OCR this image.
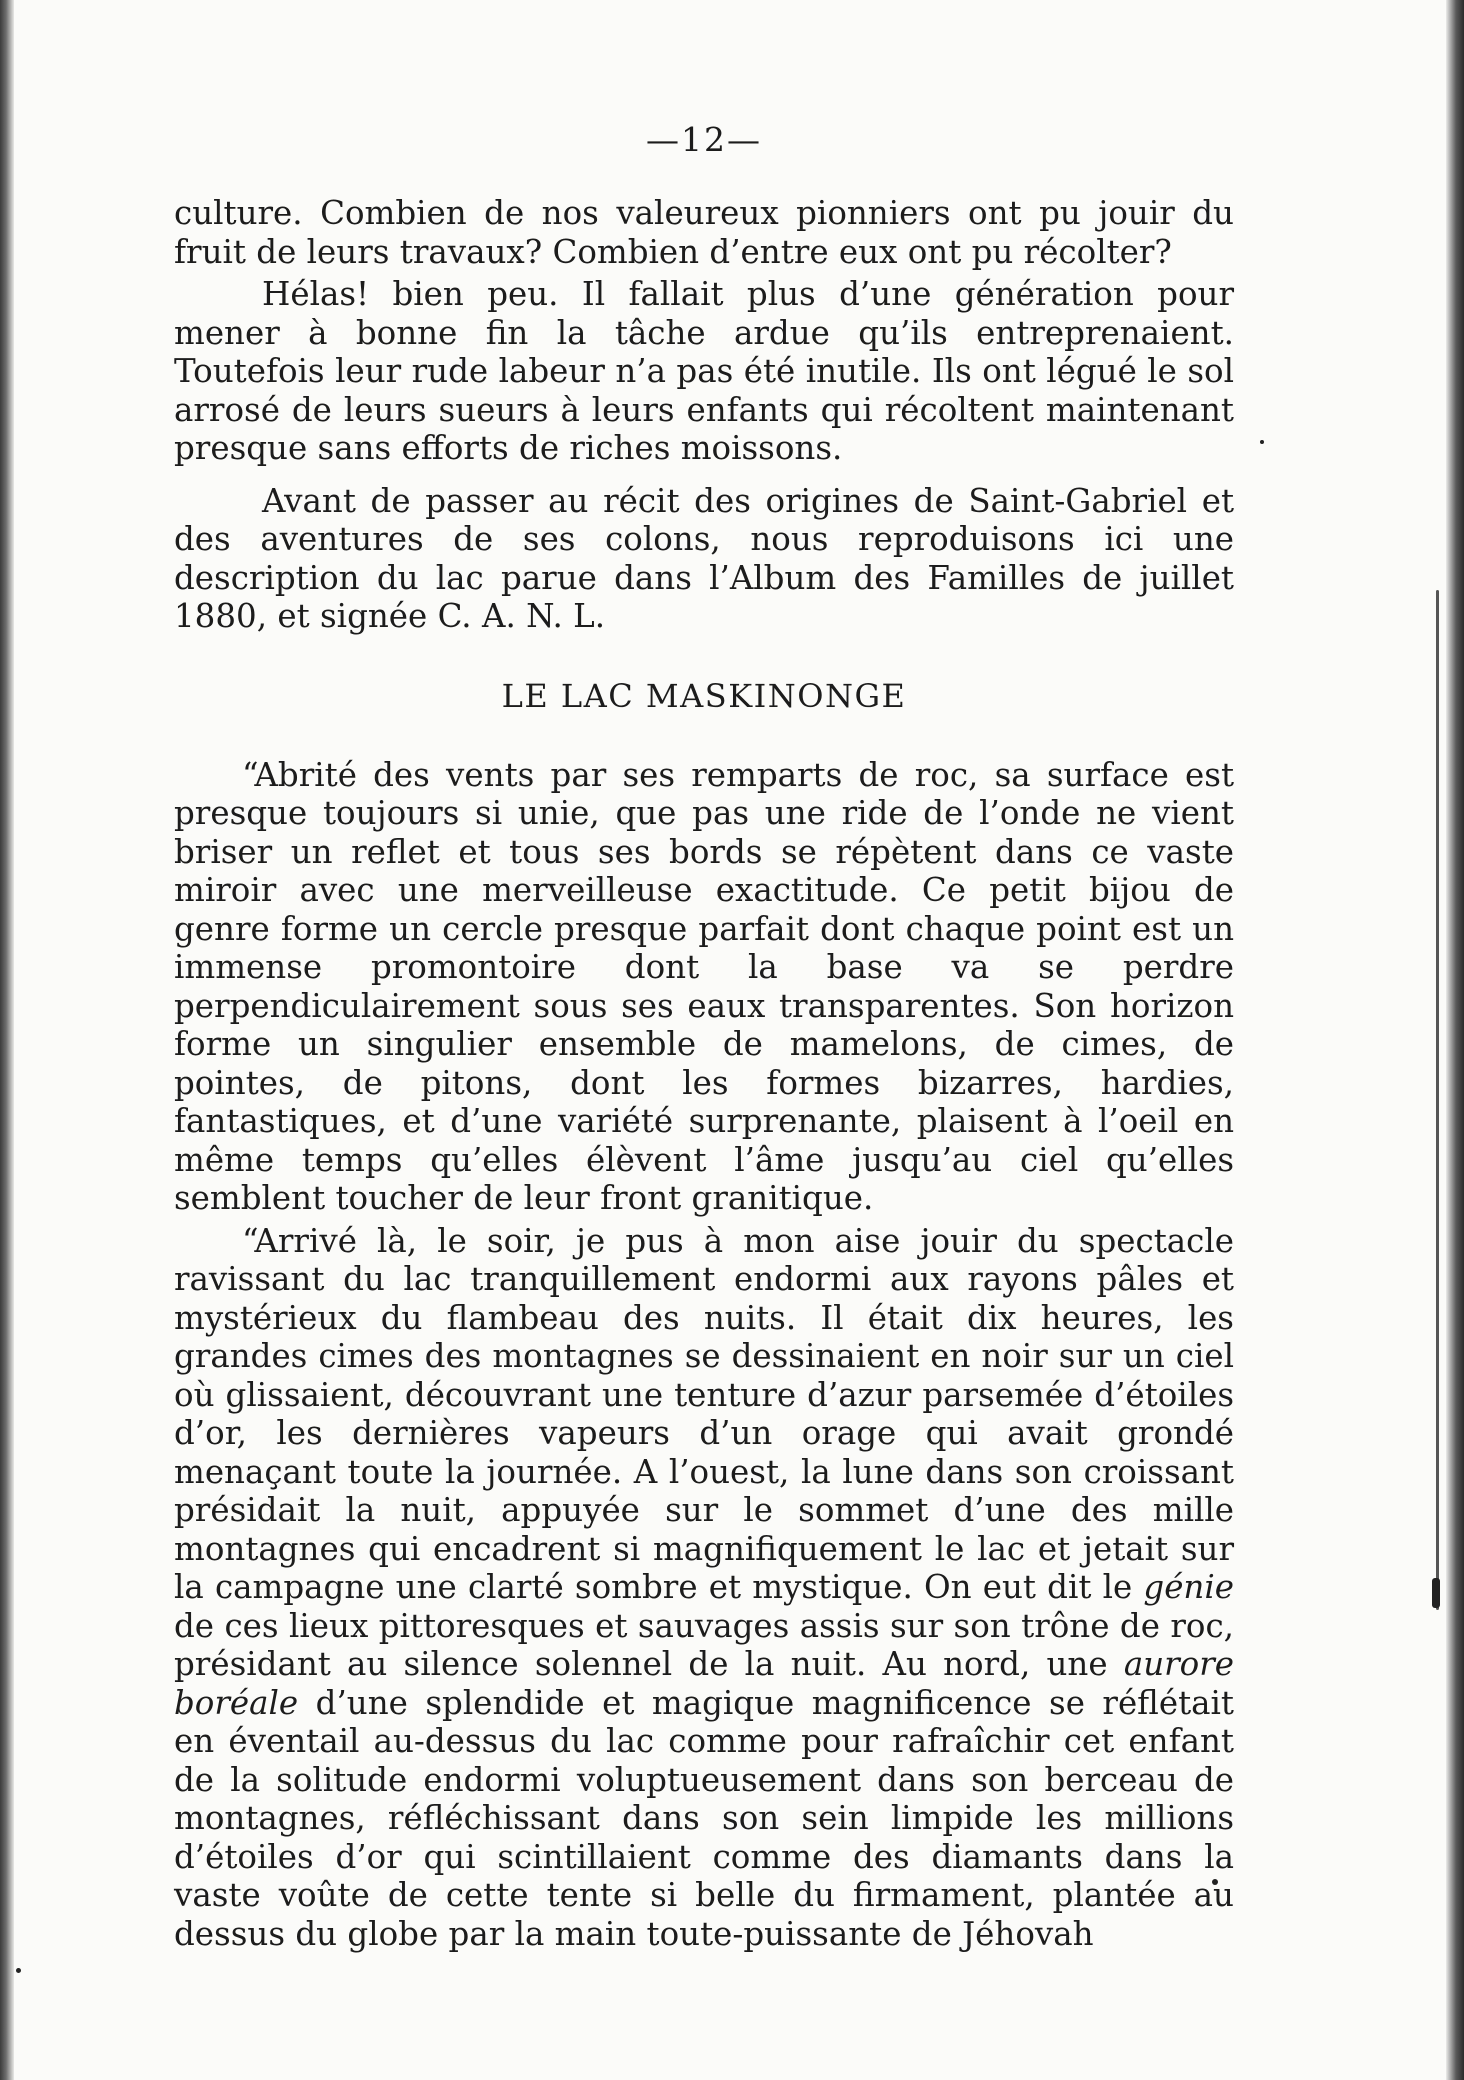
—12—

culture. Combien de nos valeureux pionniers ont pu jouir du fruit de leurs travaux? Combien d’entre eux ont pu récolter?

Hélas! bien peu. Il fallait plus d’une génération pour mener à bonne fin la tâche ardue qu’ils entreprenaient. Toutefois leur rude labeur n’a pas été inutile. Ils ont légué le sol arrosé de leurs sueurs à leurs enfants qui récoltent maintenant presque sans efforts de riches moissons.

Avant de passer au récit des origines de Saint-Gabriel et des aventures de ses colons, nous reproduisons ici une description du lac parue dans l’Album des Familles de juillet 1880, et signée C. A. N. L.

LE LAC MASKINONGE

“Abrité des vents par ses remparts de roc, sa surface est presque toujours si unie, que pas une ride de l’onde ne vient briser un reflet et tous ses bords se répètent dans ce vaste miroir avec une merveilleuse exactitude. Ce petit bijou de genre forme un cercle presque parfait dont chaque point est un immense promontoire dont la base va se perdre perpendiculairement sous ses eaux transparentes. Son horizon forme un singulier ensemble de mamelons, de cimes, de pointes, de pitons, dont les formes bizarres, hardies, fantastiques, et d’une variété surprenante, plaisent à l’oeil en même temps qu’elles élèvent l’âme jusqu’au ciel qu’elles semblent toucher de leur front granitique.

“Arrivé là, le soir, je pus à mon aise jouir du spectacle ravissant du lac tranquillement endormi aux rayons pâles et mystérieux du flambeau des nuits. Il était dix heures, les grandes cimes des montagnes se dessinaient en noir sur un ciel où glissaient, découvrant une tenture d’azur parsemée d’étoiles d’or, les dernières vapeurs d’un orage qui avait grondé menaçant toute la journée. A l’ouest, la lune dans son croissant présidait la nuit, appuyée sur le sommet d’une des mille montagnes qui encadrent si magnifiquement le lac et jetait sur la campagne une clarté sombre et mystique. On eut dit le génie de ces lieux pittoresques et sauvages assis sur son trône de roc, présidant au silence solennel de la nuit. Au nord, une aurore boréale d’une splendide et magique magnificence se réflétait en éventail au-dessus du lac comme pour rafraîchir cet enfant de la solitude endormi voluptueusement dans son berceau de montagnes, réfléchissant dans son sein limpide les millions d’étoiles d’or qui scintillaient comme des diamants dans la vaste voûte de cette tente si belle du firmament, plantée au dessus du globe par la main toute-puissante de Jéhovah
